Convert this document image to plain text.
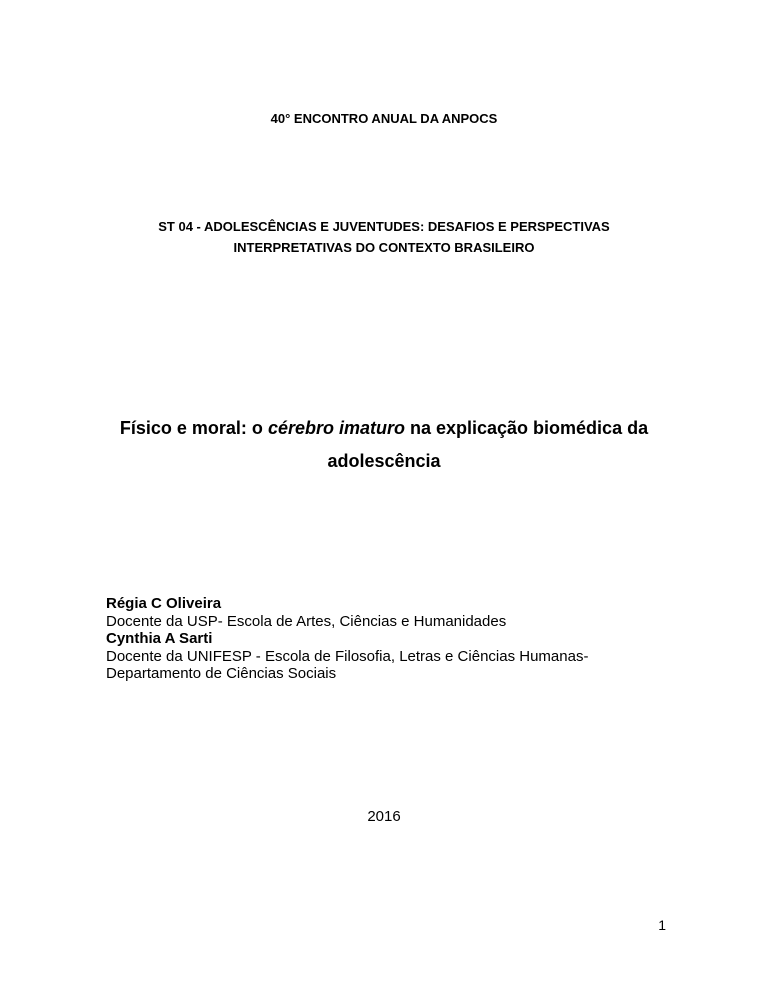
40° ENCONTRO ANUAL DA ANPOCS
ST 04 - ADOLESCÊNCIAS E JUVENTUDES: DESAFIOS E PERSPECTIVAS
INTERPRETATIVAS DO CONTEXTO BRASILEIRO
Físico e moral: o cérebro imaturo na explicação biomédica da
adolescência
Régia C Oliveira
Docente da USP- Escola de Artes, Ciências e Humanidades
Cynthia A Sarti
Docente da UNIFESP - Escola de Filosofia, Letras e Ciências Humanas-
Departamento de Ciências Sociais
2016
1
